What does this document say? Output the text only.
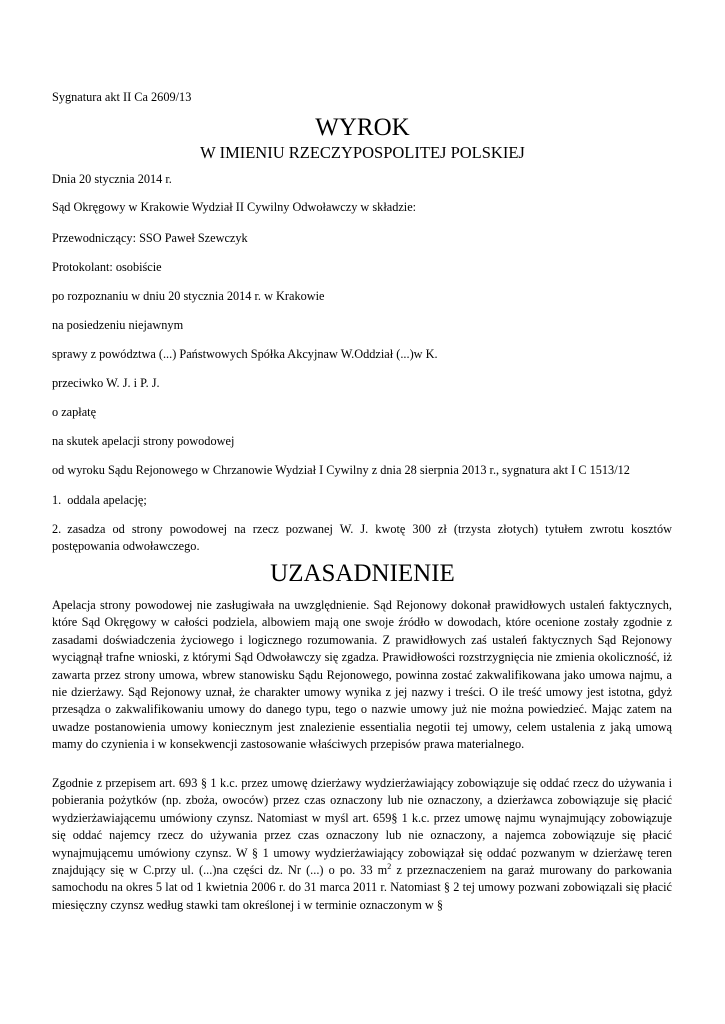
Sygnatura akt II Ca 2609/13
WYROK
W IMIENIU RZECZYPOSPOLITEJ POLSKIEJ
Dnia 20 stycznia 2014 r.
Sąd Okręgowy w Krakowie Wydział II Cywilny Odwoławczy w składzie:
Przewodniczący: SSO Paweł Szewczyk
Protokolant: osobiście
po rozpoznaniu w dniu 20 stycznia 2014 r. w Krakowie
na posiedzeniu niejawnym
sprawy z powództwa (...) Państwowych Spółka Akcyjnaw W.Oddział (...)w K.
przeciwko W. J. i P. J.
o zapłatę
na skutek apelacji strony powodowej
od wyroku Sądu Rejonowego w Chrzanowie Wydział I Cywilny z dnia 28 sierpnia 2013 r., sygnatura akt I C 1513/12
1. oddala apelację;
2. zasadza od strony powodowej na rzecz pozwanej W. J. kwotę 300 zł (trzysta złotych) tytułem zwrotu kosztów postępowania odwoławczego.
UZASADNIENIE

Apelacja strony powodowej nie zasługiwała na uwzględnienie. Sąd Rejonowy dokonał prawidłowych ustaleń faktycznych, które Sąd Okręgowy w całości podziela, albowiem mają one swoje źródło w dowodach, które ocenione zostały zgodnie z zasadami doświadczenia życiowego i logicznego rozumowania. Z prawidłowych zaś ustaleń faktycznych Sąd Rejonowy wyciągnął trafne wnioski, z którymi Sąd Odwoławczy się zgadza. Prawidłowości rozstrzygnięcia nie zmienia okoliczność, iż zawarta przez strony umowa, wbrew stanowisku Sądu Rejonowego, powinna zostać zakwalifikowana jako umowa najmu, a nie dzierżawy. Sąd Rejonowy uznał, że charakter umowy wynika z jej nazwy i treści. O ile treść umowy jest istotna, gdyż przesądza o zakwalifikowaniu umowy do danego typu, tego o nazwie umowy już nie można powiedzieć. Mając zatem na uwadze postanowienia umowy koniecznym jest znalezienie essentialia negotii tej umowy, celem ustalenia z jaką umową mamy do czynienia i w konsekwencji zastosowanie właściwych przepisów prawa materialnego.

Zgodnie z przepisem art. 693 § 1 k.c. przez umowę dzierżawy wydzierżawiający zobowiązuje się oddać rzecz do używania i pobierania pożytków (np. zboża, owoców) przez czas oznaczony lub nie oznaczony, a dzierżawca zobowiązuje się płacić wydzierżawiającemu umówiony czynsz. Natomiast w myśl art. 659§ 1 k.c. przez umowę najmu wynajmujący zobowiązuje się oddać najemcy rzecz do używania przez czas oznaczony lub nie oznaczony, a najemca zobowiązuje się płacić wynajmującemu umówiony czynsz. W § 1 umowy wydzierżawiający zobowiązał się oddać pozwanym w dzierżawę teren znajdujący się w C.przy ul. (...)na części dz. Nr (...) o po. 33 $m^2$ z przeznaczeniem na garaż murowany do parkowania samochodu na okres 5 lat od 1 kwietnia 2006 r. do 31 marca 2011 r. Natomiast § 2 tej umowy pozwani zobowiązali się płacić miesięczny czynsz według stawki tam określonej i w terminie oznaczonym w §
